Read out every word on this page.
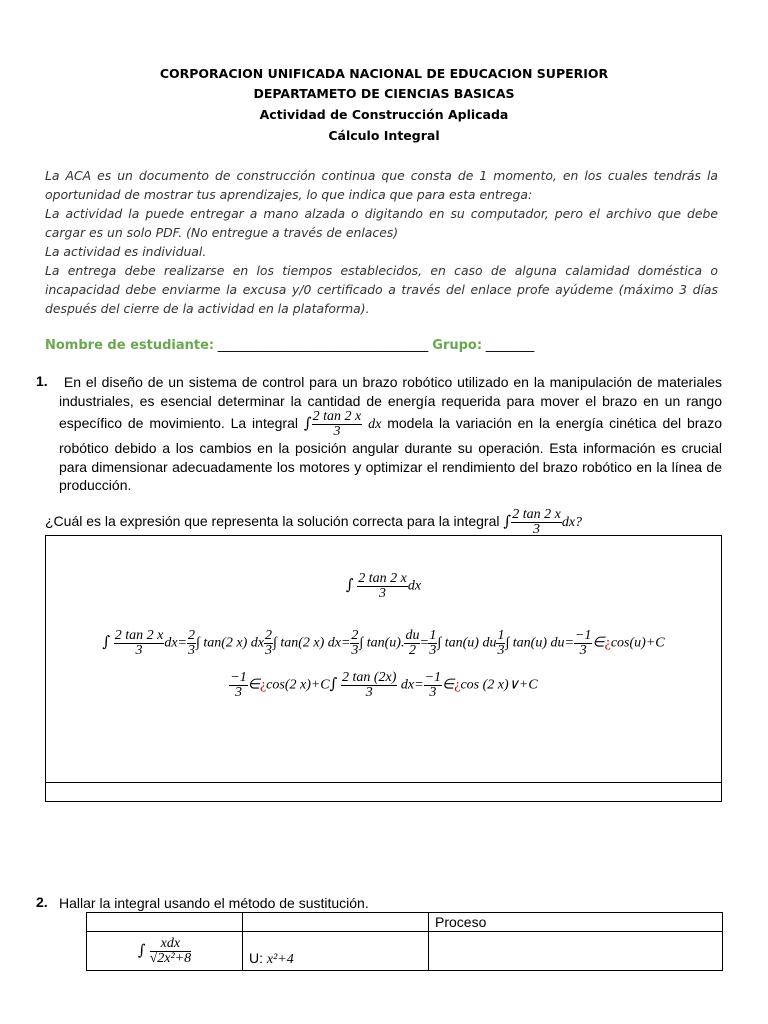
CORPORACION UNIFICADA NACIONAL DE EDUCACION SUPERIOR
DEPARTAMETO DE CIENCIAS BASICAS
Actividad de Construcción Aplicada
Cálculo Integral

La ACA es un documento de construcción continua que consta de 1 momento, en los cuales tendrás la oportunidad de mostrar tus aprendizajes, lo que indica que para esta entrega:

La actividad la puede entregar a mano alzada o digitando en su computador, pero el archivo que debe cargar es un solo PDF. (No entregue a través de enlaces)

La actividad es individual.

La entrega debe realizarse en los tiempos establecidos, en caso de alguna calamidad doméstica o incapacidad debe enviarme la excusa y/0 certificado a través del enlace profe ayúdeme (máximo 3 días después del cierre de la actividad en la plataforma).

Nombre de estudiante: ___________________________________ Grupo: ________
1.	En el diseño de un sistema de control para un brazo robótico utilizado en la manipulación de materiales industriales, es esencial determinar la cantidad de energía requerida para mover el brazo en un rango específico de movimiento. La integral ∫ $\frac{2 \tan 2 x}{3}$ dx modela la variación en la energía cinética del brazo robótico debido a los cambios en la posición angular durante su operación. Esta información es crucial para dimensionar adecuadamente los motores y optimizar el rendimiento del brazo robótico en la línea de producción.
¿Cuál es la expresión que representa la solución correcta para la integral ∫ $\frac{2 \tan 2 x}{3}$ dx?
∫ $\frac{2 \tan 2 x}{3}$ dx
∫ $\frac{2 \tan 2 x}{3} dx= \frac{2}{3}$ ∫ tan⁡(2 x) dx $\frac{2}{3}$ ∫ tan⁡(2 x) $dx= \frac{2}{3}$ ∫ tan⁡(u). $\frac{du}{2} = \frac{1}{3}$ ∫ tan⁡(u) du $\frac{1}{3}$ ∫ tan⁡(u) $du= \frac{-1}{3}$ ∈¿cos⁡(u)+C
$\frac{-1}{3}$ ∈¿cos⁡(2 $x)+C\int \frac{2 \tan (2x)}{3} dx= \frac{-1}{3}$ ∈¿cos (2 x)∨+C
2. Hallar la integral usando el método de sustitución.
		Proceso
∫ $\frac{\text{xdx}}{\text{√2x²+8}}$	U: x²+4	
